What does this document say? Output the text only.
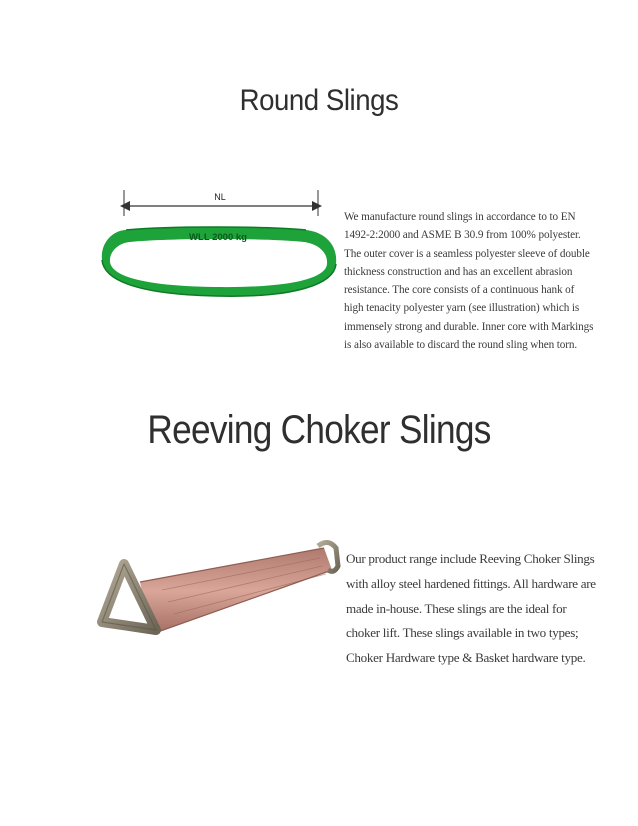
Round Slings
NL
WLL 2000 kg

We manufacture round slings in accordance to to EN 1492-2:2000 and ASME B 30.9 from 100% polyester. The outer cover is a seamless polyester sleeve of double thickness construction and has an excellent abrasion resistance. The core consists of a continuous hank of high tenacity polyester yarn (see illustration) which is immensely strong and durable. Inner core with Markings is also available to discard the round sling when torn.

Reeving Choker Slings

Our product range include Reeving Choker Slings with alloy steel hardened fittings. All hardware are made in-house. These slings are the ideal for choker lift. These slings available in two types; Choker Hardware type & Basket hardware type.
